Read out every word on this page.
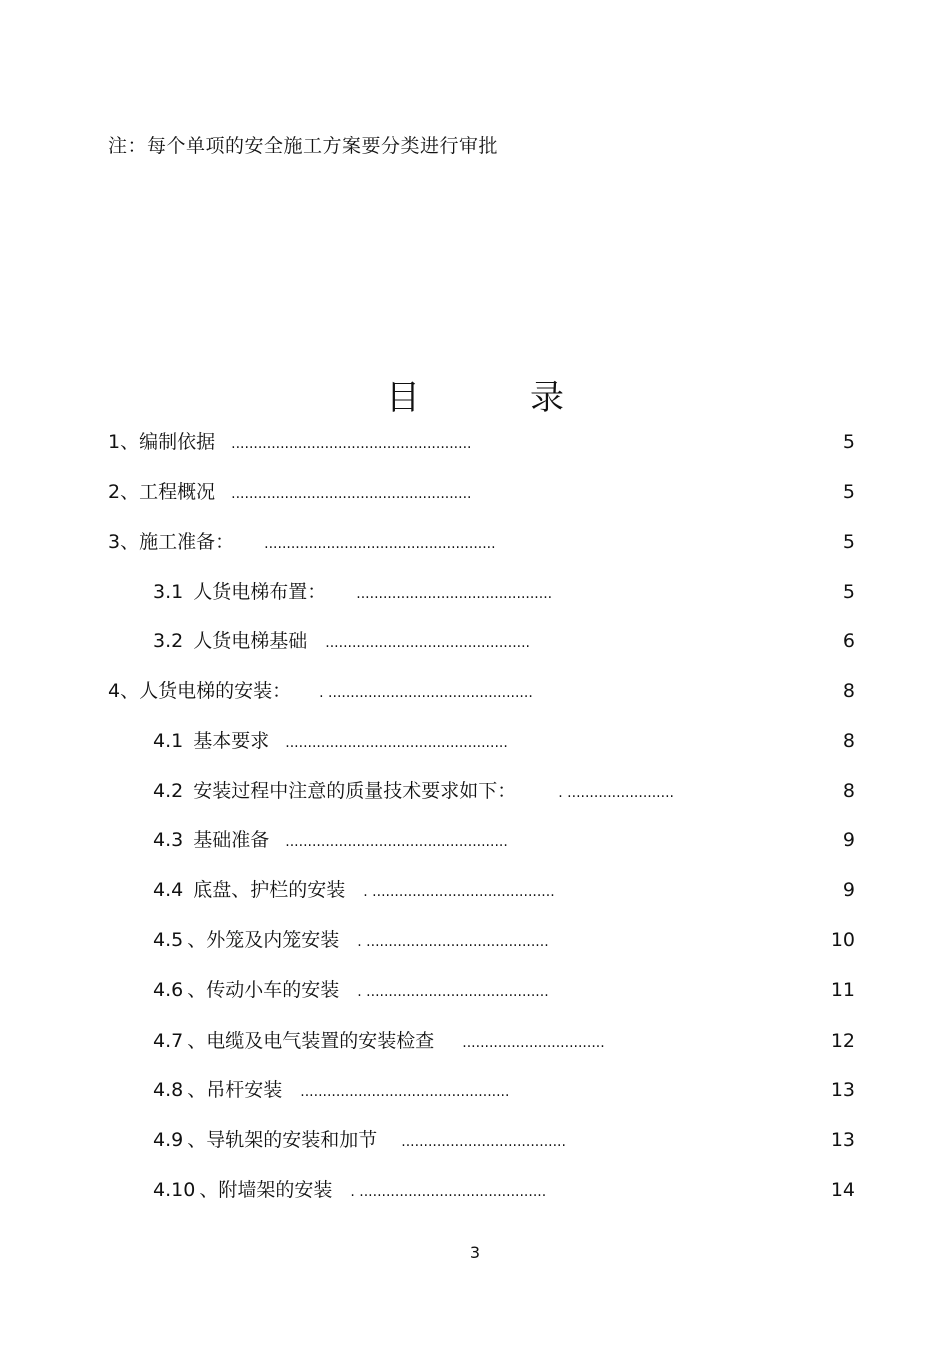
注：每个单项的安全施工方案要分类进行审批
目	录
1、编制依据 ......................................................	5
2、工程概况 ......................................................	5
3、施工准备： ....................................................	5
3.1 人货电梯布置： ............................................	5
3.2 人货电梯基础 ..............................................	6
4、人货电梯的安装： . ..............................................	8
4.1 基本要求 ..................................................	8
4.2 安装过程中注意的质量技术要求如下：	. ........................	8
4.3 基础准备 ..................................................	9
4.4底盘、护栏的安装 . .........................................	9
4.5 、外笼及内笼安装 . .........................................	10
4.6 、传动小车的安装 . .........................................	11
4.7 、电缆及电气装置的安装检查 ................................	12
4.8 、吊杆安装 ...............................................	13
4.9 、导轨架的安装和加节 .....................................	13
4.10 、附墙架的安装 . ..........................................	14
3
